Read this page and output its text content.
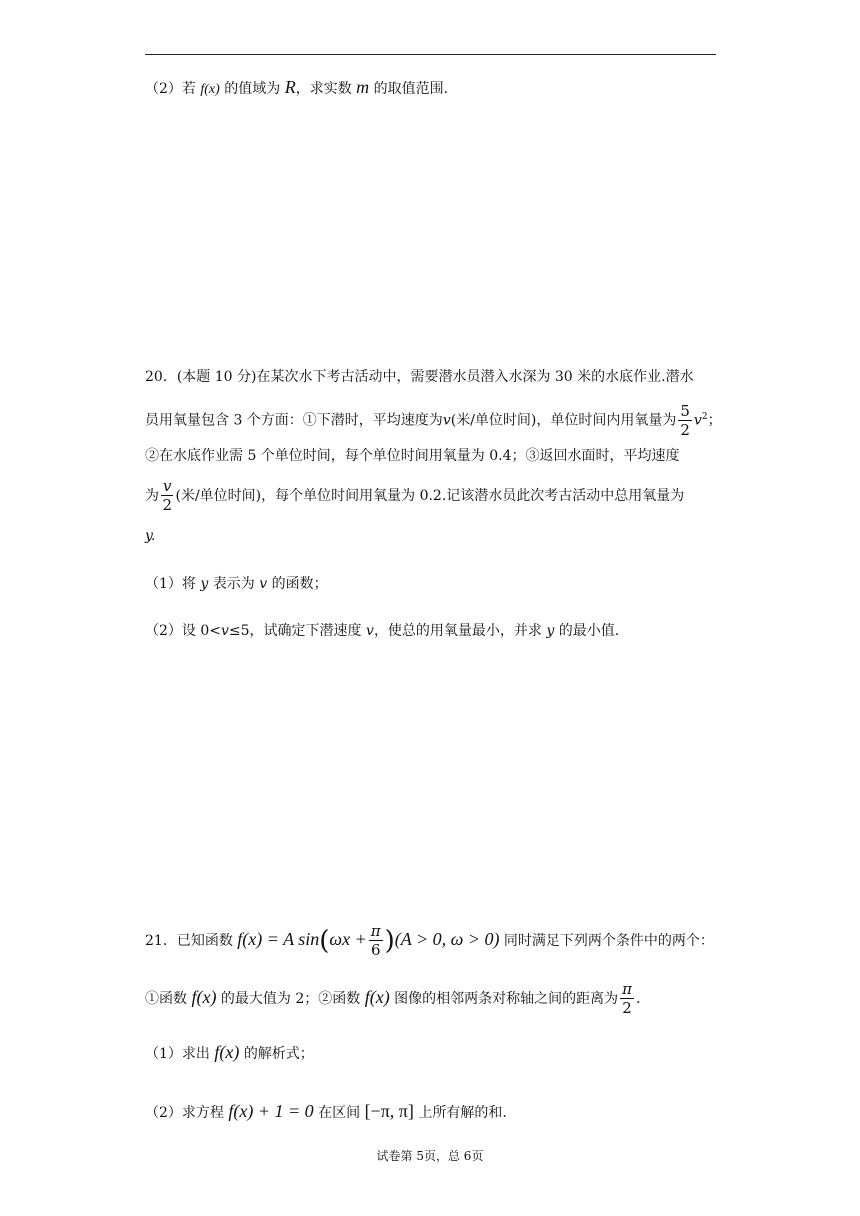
（2）若 f(x) 的值域为 R，求实数 m 的取值范围.
20．(本题 10 分)在某次水下考古活动中，需要潜水员潜入水深为 30 米的水底作业.潜水
员用氧量包含 3 个方面：①下潜时，平均速度为v(米/单位时间)，单位时间内用氧量为 $\frac{5}{2} v^2$；
②在水底作业需 5 个单位时间，每个单位时间用氧量为 0.4；③返回水面时，平均速度
为 $\frac{v}{2}$ (米/单位时间)，每个单位时间用氧量为 0.2.记该潜水员此次考古活动中总用氧量为
y.
（1）将 y 表示为 v 的函数；
（2）设 0<v≤5，试确定下潜速度 v，使总的用氧量最小，并求 y 的最小值.
21．已知函数 f(x) = A $\sin(\omega x + \frac{\pi}{6} )(A > 0$, ω > 0) 同时满足下列两个条件中的两个：
①函数 f(x) 的最大值为 2；②函数 f(x) 图像的相邻两条对称轴之间的距离为 $\frac{\pi}{2}$ .
（1）求出 f(x) 的解析式；
（2）求方程 f(x) + 1 = 0 在区间 [−π, π] 上所有解的和.
试卷第 5页，总 6页
